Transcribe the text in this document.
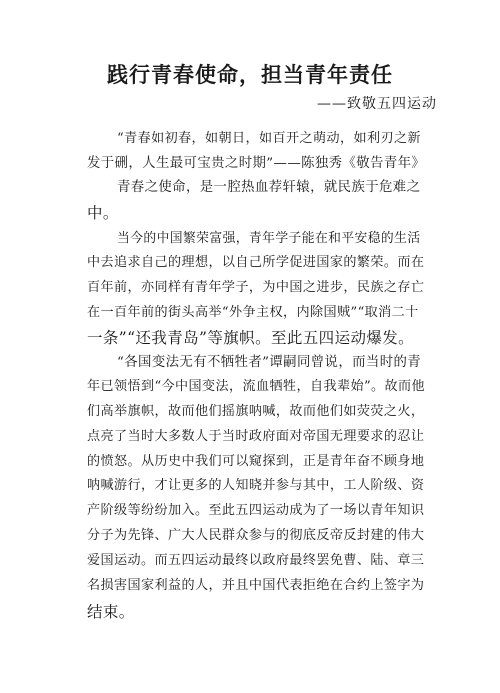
践行青春使命，担当青年责任
——致敬五四运动
“青春如初春，如朝日，如百开之萌动，如利刃之新
发于硎，人生最可宝贵之时期”——陈独秀《敬告青年》
青春之使命，是一腔热血荐轩辕，就民族于危难之
中。
当今的中国繁荣富强，青年学子能在和平安稳的生活
中去追求自己的理想，以自己所学促进国家的繁荣。而在
百年前，亦同样有青年学子，为中国之进步，民族之存亡
在一百年前的街头高举“外争主权，内除国贼”“取消二十
一条”“还我青岛”等旗帜。至此五四运动爆发。
“各国变法无有不牺牲者”谭嗣同曾说，而当时的青
年已领悟到“今中国变法，流血牺牲，自我辈始”。故而他
们高举旗帜，故而他们摇旗呐喊，故而他们如荧荧之火，
点亮了当时大多数人于当时政府面对帝国无理要求的忍让
的愤怒。从历史中我们可以窥探到，正是青年奋不顾身地
呐喊游行，才让更多的人知晓并参与其中，工人阶级、资
产阶级等纷纷加入。至此五四运动成为了一场以青年知识
分子为先锋、广大人民群众参与的彻底反帝反封建的伟大
爱国运动。而五四运动最终以政府最终罢免曹、陆、章三
名损害国家利益的人，并且中国代表拒绝在合约上签字为
结束。
